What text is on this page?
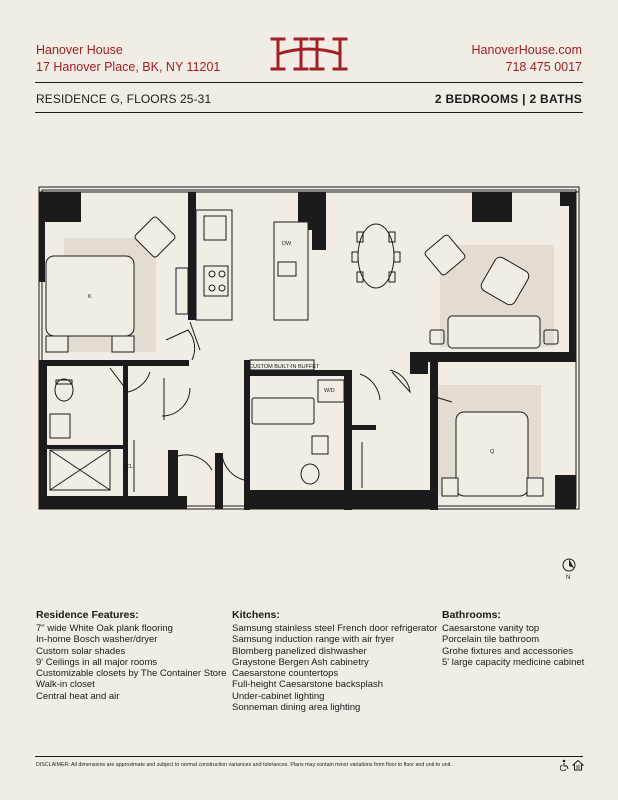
Hanover House
17 Hanover Place, BK, NY 11201
HanoverHouse.com
718 475 0017
RESIDENCE G, FLOORS 25-31	2 BEDROOMS | 2 BATHS
K
Q
DW
W/D
CUSTOM BUILT-IN BUFFET
CL
N
Residence Features:
7" wide White Oak plank flooring
In-home Bosch washer/dryer
Custom solar shades
9' Ceilings in all major rooms
Customizable closets by The Container Store
Walk-in closet
Central heat and air
Kitchens:
Samsung stainless steel French door refrigerator
Samsung induction range with air fryer
Blomberg panelized dishwasher
Graystone Bergen Ash cabinetry
Caesarstone countertops
Full-height Caesarstone backsplash
Under-cabinet lighting
Sonneman dining area lighting
Bathrooms:
Caesarstone vanity top
Porcelain tile bathroom
Grohe fixtures and accessories
5' large capacity medicine cabinet
DISCLAIMER: All dimensions are approximate and subject to normal construction variances and tolerances. Plans may contain minor variations from floor to floor and unit to unit.
